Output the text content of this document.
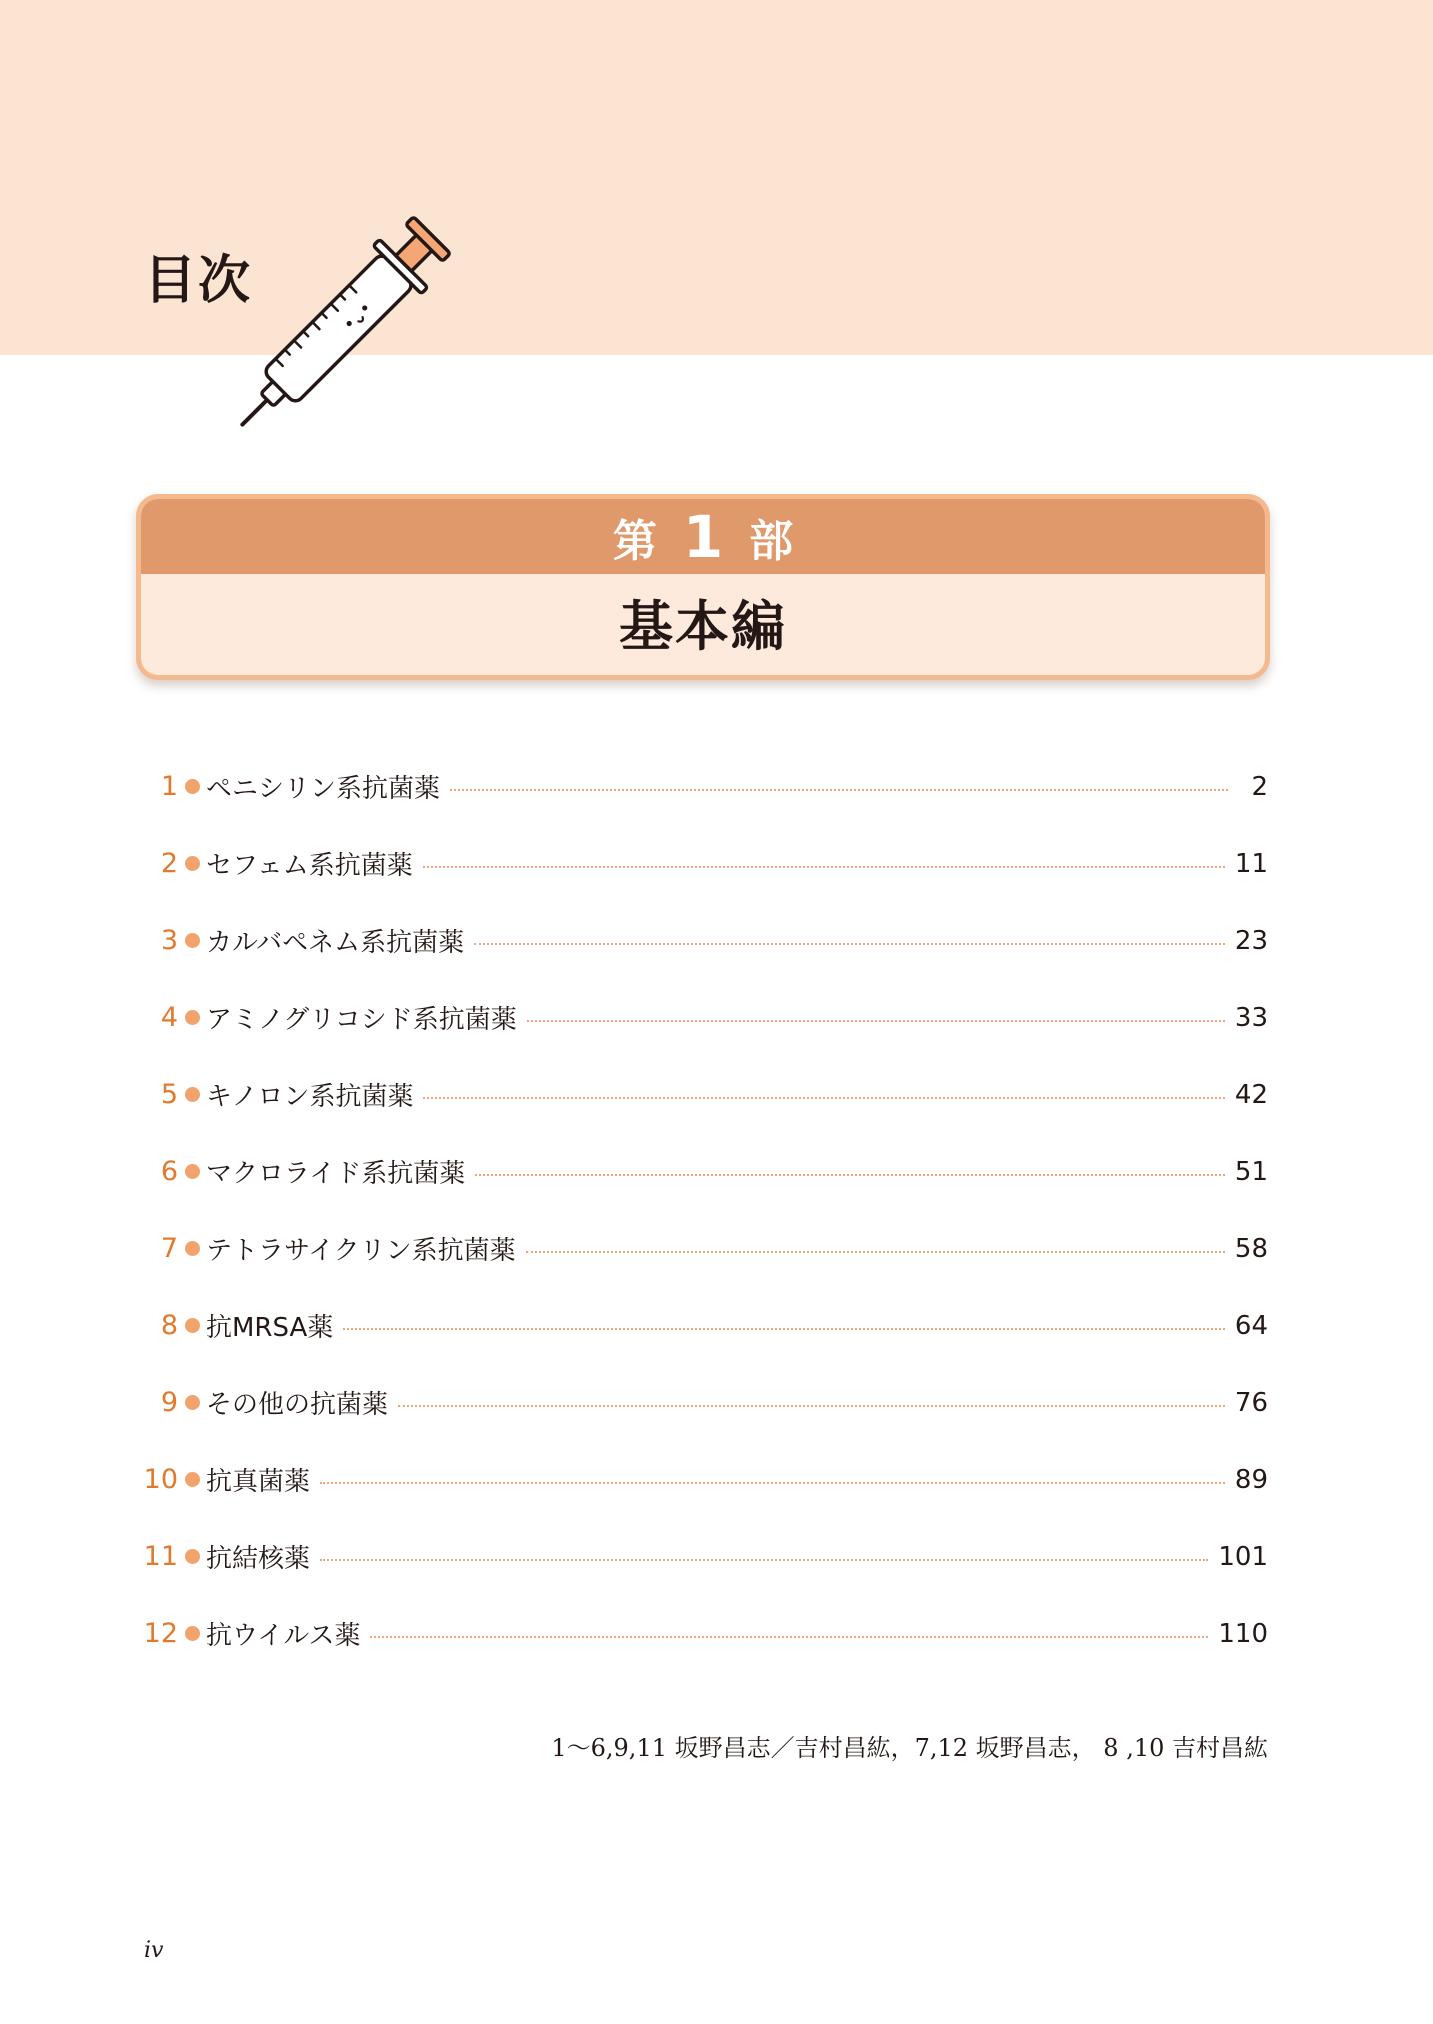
目次
第 1 部
基本編
1 ペニシリン系抗菌薬	2
2 セフェム系抗菌薬	11
3 カルバペネム系抗菌薬	23
4 アミノグリコシド系抗菌薬	33
5 キノロン系抗菌薬	42
6 マクロライド系抗菌薬	51
7 テトラサイクリン系抗菌薬	58
8 抗MRSA薬	64
9 その他の抗菌薬	76
10 抗真菌薬	89
11 抗結核薬	101
12 抗ウイルス薬	110
1〜6,9,11 坂野昌志／吉村昌紘，7,12 坂野昌志， 8 ,10 吉村昌紘
iv
